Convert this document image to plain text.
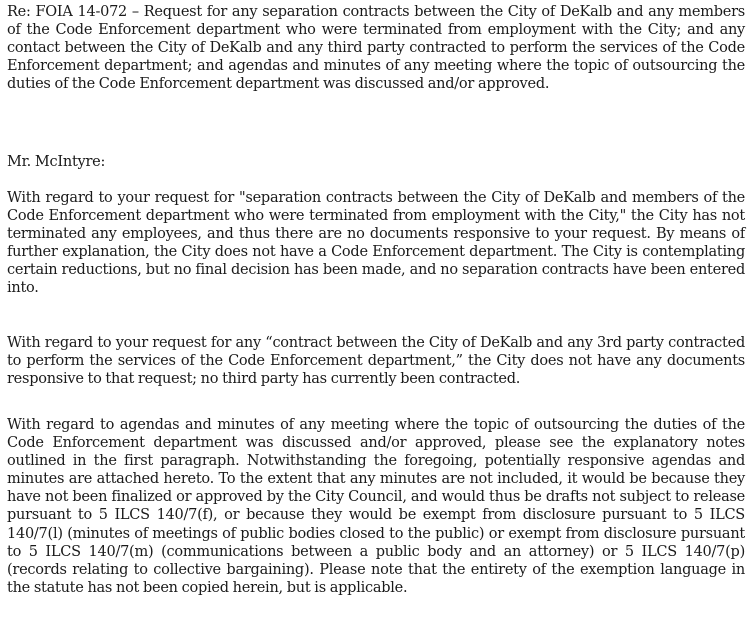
Re: FOIA 14-072 – Request for any separation contracts between the City of DeKalb and any members of the Code Enforcement department who were terminated from employment with the City; and any contact between the City of DeKalb and any third party contracted to perform the services of the Code Enforcement department; and agendas and minutes of any meeting where the topic of outsourcing the duties of the Code Enforcement department was discussed and/or approved.

Mr. McIntyre:

With regard to your request for "separation contracts between the City of DeKalb and members of the Code Enforcement department who were terminated from employment with the City," the City has not terminated any employees, and thus there are no documents responsive to your request. By means of further explanation, the City does not have a Code Enforcement department. The City is contemplating certain reductions, but no final decision has been made, and no separation contracts have been entered into.

With regard to your request for any “contract between the City of DeKalb and any 3rd party contracted to perform the services of the Code Enforcement department,” the City does not have any documents responsive to that request; no third party has currently been contracted.

With regard to agendas and minutes of any meeting where the topic of outsourcing the duties of the Code Enforcement department was discussed and/or approved, please see the explanatory notes outlined in the first paragraph. Notwithstanding the foregoing, potentially responsive agendas and minutes are attached hereto. To the extent that any minutes are not included, it would be because they have not been finalized or approved by the City Council, and would thus be drafts not subject to release pursuant to 5 ILCS 140/7(f), or because they would be exempt from disclosure pursuant to 5 ILCS 140/7(l) (minutes of meetings of public bodies closed to the public) or exempt from disclosure pursuant to 5 ILCS 140/7(m) (communications between a public body and an attorney) or 5 ILCS 140/7(p) (records relating to collective bargaining). Please note that the entirety of the exemption language in the statute has not been copied herein, but is applicable.
